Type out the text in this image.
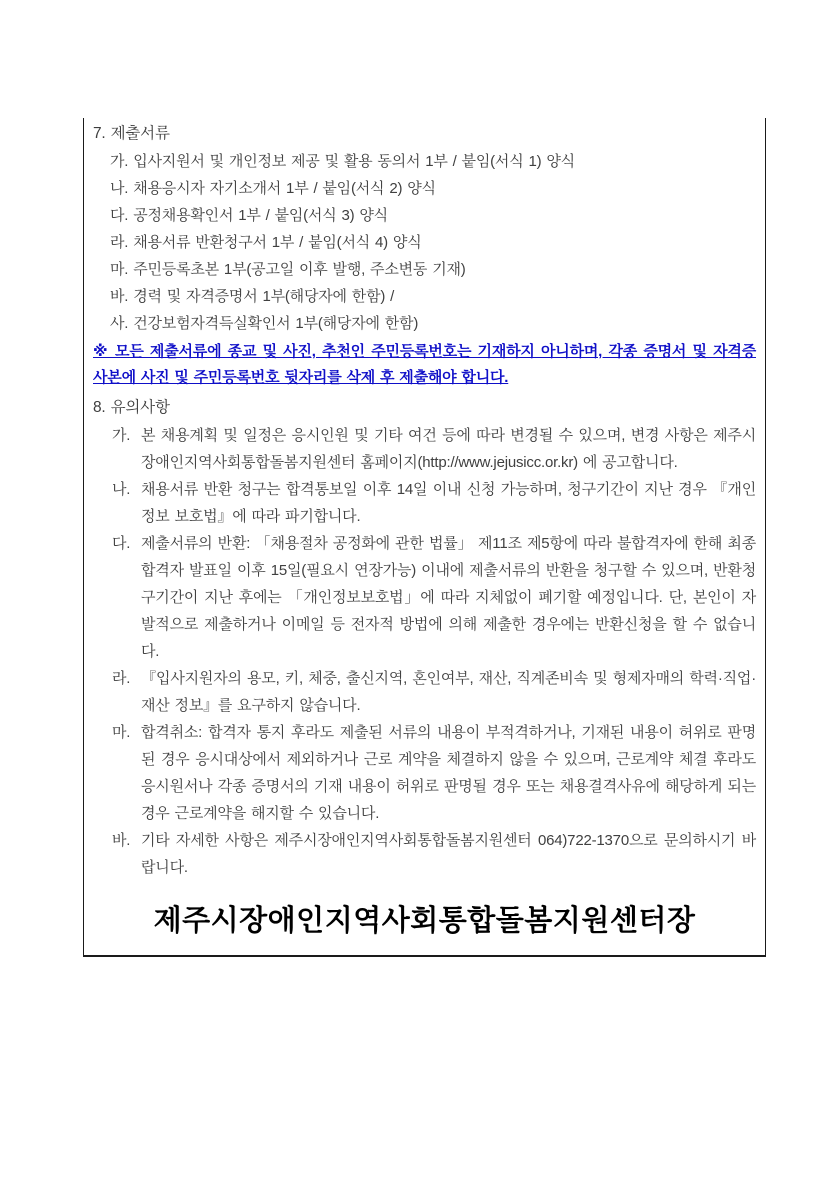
7. 제출서류
가. 입사지원서 및 개인정보 제공 및 활용 동의서 1부 / 붙임(서식 1) 양식
나. 채용응시자 자기소개서 1부 / 붙임(서식 2) 양식
다. 공정채용확인서 1부 / 붙임(서식 3) 양식
라. 채용서류 반환청구서 1부 / 붙임(서식 4) 양식
마. 주민등록초본 1부(공고일 이후 발행, 주소변동 기재)
바. 경력 및 자격증명서 1부(해당자에 한함) /
사. 건강보험자격득실확인서 1부(해당자에 한함)
※ 모든 제출서류에 종교 및 사진, 추천인 주민등록번호는 기재하지 아니하며, 각종 증명서 및 자격증 사본에 사진 및 주민등록번호 뒷자리를 삭제 후 제출해야 합니다.
8. 유의사항
가. 본 채용계획 및 일정은 응시인원 및 기타 여건 등에 따라 변경될 수 있으며, 변경 사항은 제주시장애인지역사회통합돌봄지원센터 홈페이지(http://www.jejusicc.or.kr) 에 공고합니다.
나. 채용서류 반환 청구는 합격통보일 이후 14일 이내 신청 가능하며, 청구기간이 지난 경우 『개인정보 보호법』에 따라 파기합니다.
다. 제출서류의 반환: 「채용절차 공정화에 관한 법률」 제11조 제5항에 따라 불합격자에 한해 최종합격자 발표일 이후 15일(필요시 연장가능) 이내에 제출서류의 반환을 청구할 수 있으며, 반환청구기간이 지난 후에는 「개인정보보호법」에 따라 지체없이 폐기할 예정입니다. 단, 본인이 자발적으로 제출하거나 이메일 등 전자적 방법에 의해 제출한 경우에는 반환신청을 할 수 없습니다.
라. 『입사지원자의 용모, 키, 체중, 출신지역, 혼인여부, 재산, 직계존비속 및 형제자매의 학력·직업·재산 정보』를 요구하지 않습니다.
마. 합격취소: 합격자 통지 후라도 제출된 서류의 내용이 부적격하거나, 기재된 내용이 허위로 판명된 경우 응시대상에서 제외하거나 근로 계약을 체결하지 않을 수 있으며, 근로계약 체결 후라도 응시원서나 각종 증명서의 기재 내용이 허위로 판명될 경우 또는 채용결격사유에 해당하게 되는 경우 근로계약을 해지할 수 있습니다.
바. 기타 자세한 사항은 제주시장애인지역사회통합돌봄지원센터 064)722-1370으로 문의하시기 바랍니다.
제주시장애인지역사회통합돌봄지원센터장
